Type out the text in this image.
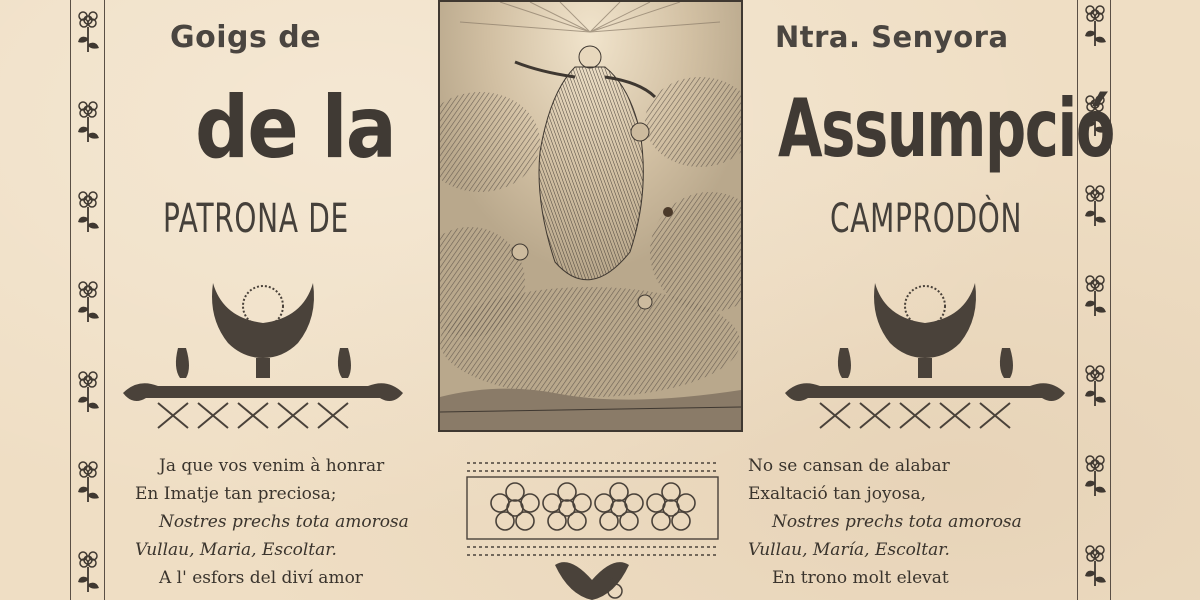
Goigs de	Ntra. Senyora
de la	Assumpció
PATRONA DE	CAMPRODÒN
Ja que vos venim à honrar
En Imatje tan preciosa;
Nostres prechs tota amorosa
Vullau, Maria, Escoltar.
A l' esfors del diví amor
No se cansan de alabar
Exaltació tan joyosa,
Nostres prechs tota amorosa
Vullau, María, Escoltar.
En trono molt elevat
